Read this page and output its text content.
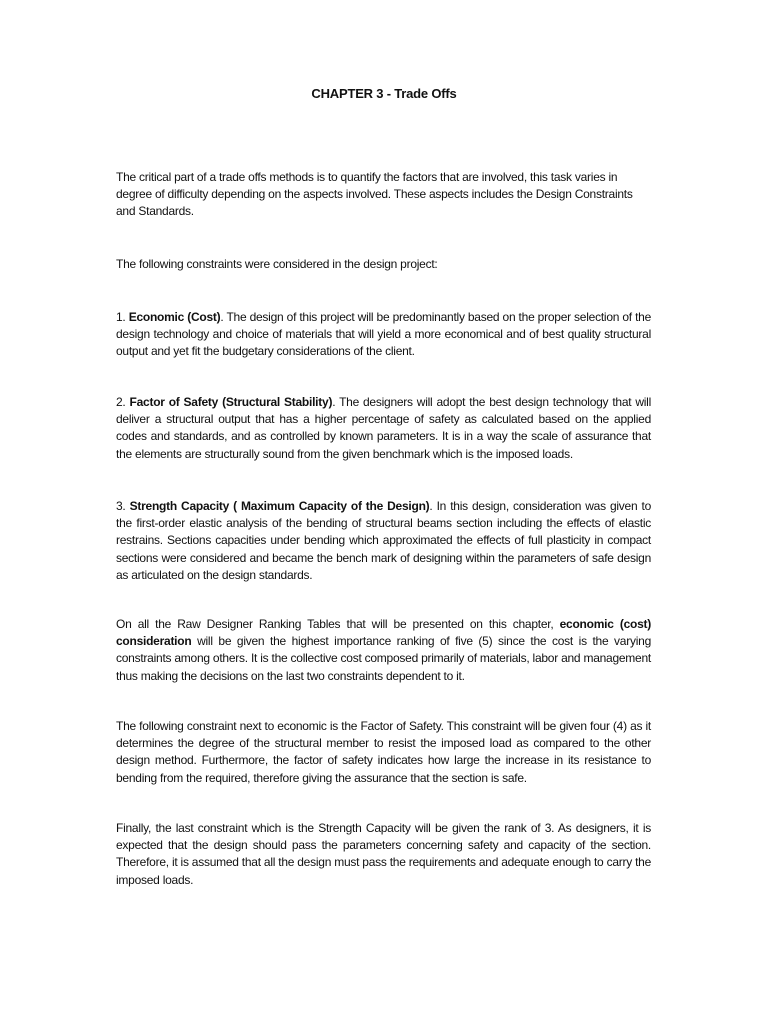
CHAPTER 3 - Trade Offs

The critical part of a trade offs methods is to quantify the factors that are involved, this task varies in degree of difficulty depending on the aspects involved. These aspects includes the Design Constraints and Standards.

The following constraints were considered in the design project:

1. Economic (Cost). The design of this project will be predominantly based on the proper selection of the design technology and choice of materials that will yield a more economical and of best quality structural output and yet fit the budgetary considerations of the client.

2. Factor of Safety (Structural Stability). The designers will adopt the best design technology that will deliver a structural output that has a higher percentage of safety as calculated based on the applied codes and standards, and as controlled by known parameters. It is in a way the scale of assurance that the elements are structurally sound from the given benchmark which is the imposed loads.

3. Strength Capacity ( Maximum Capacity of the Design). In this design, consideration was given to the first-order elastic analysis of the bending of structural beams section including the effects of elastic restrains. Sections capacities under bending which approximated the effects of full plasticity in compact sections were considered and became the bench mark of designing within the parameters of safe design as articulated on the design standards.

On all the Raw Designer Ranking Tables that will be presented on this chapter, economic (cost) consideration will be given the highest importance ranking of five (5) since the cost is the varying constraints among others. It is the collective cost composed primarily of materials, labor and management thus making the decisions on the last two constraints dependent to it.

The following constraint next to economic is the Factor of Safety. This constraint will be given four (4) as it determines the degree of the structural member to resist the imposed load as compared to the other design method. Furthermore, the factor of safety indicates how large the increase in its resistance to bending from the required, therefore giving the assurance that the section is safe.

Finally, the last constraint which is the Strength Capacity will be given the rank of 3. As designers, it is expected that the design should pass the parameters concerning safety and capacity of the section. Therefore, it is assumed that all the design must pass the requirements and adequate enough to carry the imposed loads.
